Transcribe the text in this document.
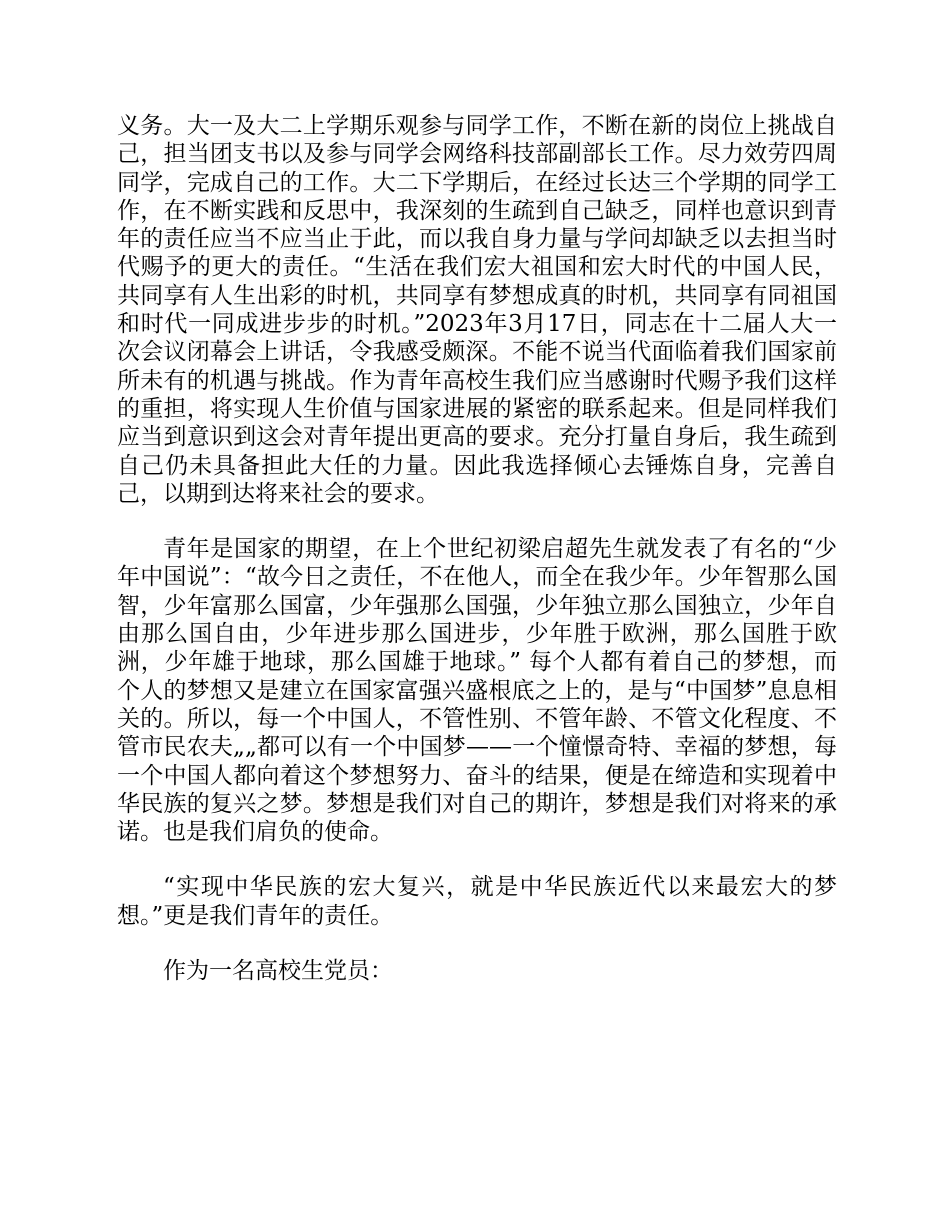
义务。大一及大二上学期乐观参与同学工作，不断在新的岗位上挑战自己，担当团支书以及参与同学会网络科技部副部长工作。尽力效劳四周同学，完成自己的工作。大二下学期后，在经过长达三个学期的同学工作，在不断实践和反思中，我深刻的生疏到自己缺乏，同样也意识到青年的责任应当不应当止于此，而以我自身力量与学问却缺乏以去担当时代赐予的更大的责任。“生活在我们宏大祖国和宏大时代的中国人民，共同享有人生出彩的时机，共同享有梦想成真的时机，共同享有同祖国和时代一同成进步步的时机。”2023年3月17日，同志在十二届人大一次会议闭幕会上讲话，令我感受颇深。不能不说当代面临着我们国家前所未有的机遇与挑战。作为青年高校生我们应当感谢时代赐予我们这样的重担，将实现人生价值与国家进展的紧密的联系起来。但是同样我们应当到意识到这会对青年提出更高的要求。充分打量自身后，我生疏到自己仍未具备担此大任的力量。因此我选择倾心去锤炼自身，完善自己，以期到达将来社会的要求。

青年是国家的期望，在上个世纪初梁启超先生就发表了有名的“少年中国说”：“故今日之责任，不在他人，而全在我少年。少年智那么国智，少年富那么国富，少年强那么国强，少年独立那么国独立，少年自由那么国自由，少年进步那么国进步，少年胜于欧洲，那么国胜于欧洲，少年雄于地球，那么国雄于地球。” 每个人都有着自己的梦想，而个人的梦想又是建立在国家富强兴盛根底之上的，是与“中国梦”息息相关的。所以，每一个中国人，不管性别、不管年龄、不管文化程度、不管市民农夫„„都可以有一个中国梦——一个憧憬奇特、幸福的梦想，每一个中国人都向着这个梦想努力、奋斗的结果，便是在缔造和实现着中华民族的复兴之梦。梦想是我们对自己的期许，梦想是我们对将来的承诺。也是我们肩负的使命。

“实现中华民族的宏大复兴，就是中华民族近代以来最宏大的梦想。”更是我们青年的责任。

作为一名高校生党员：
